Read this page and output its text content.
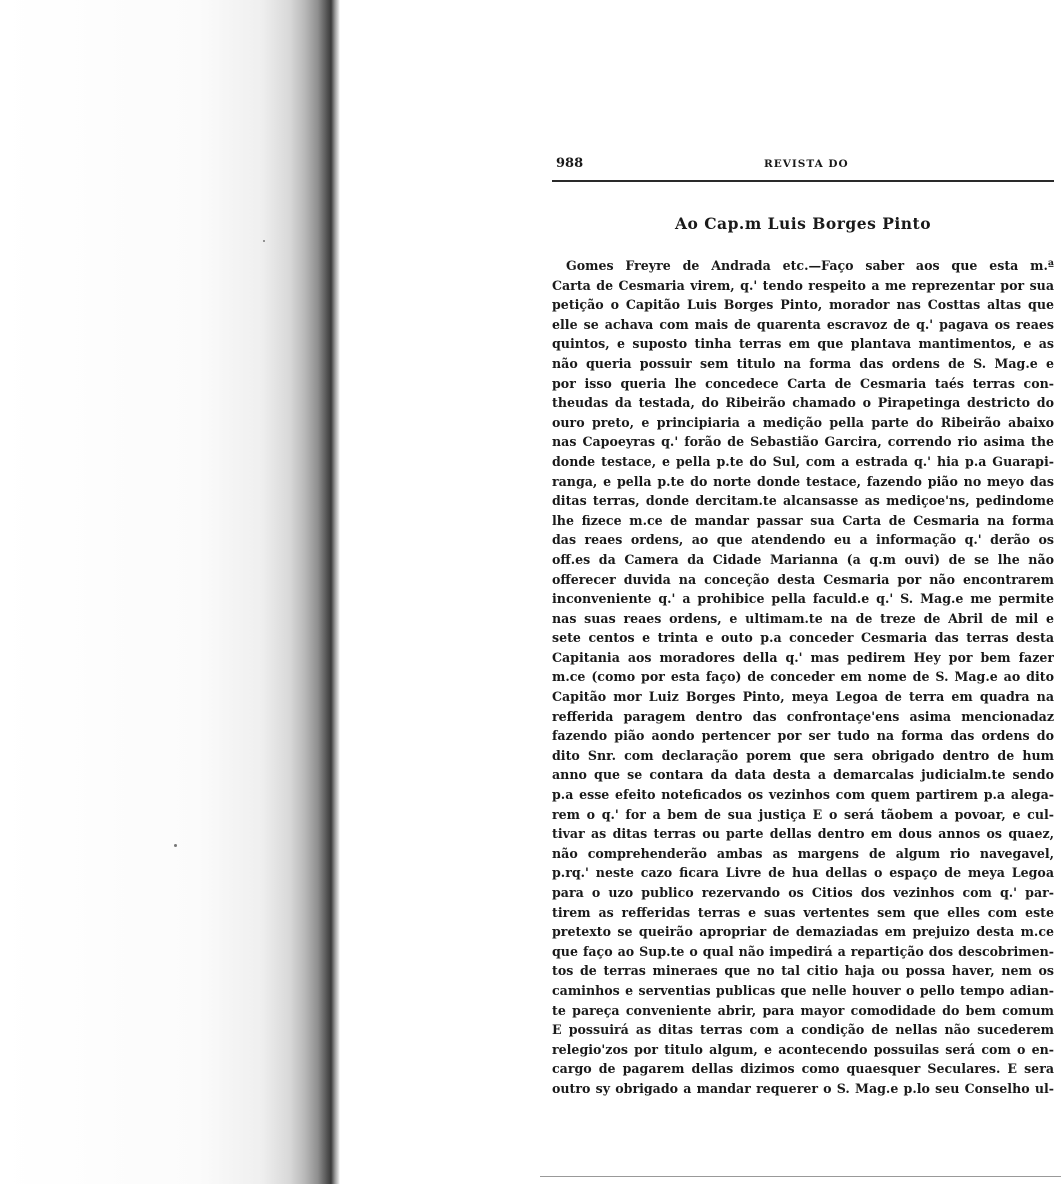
988	REVISTA DO
Ao Cap.m Luis Borges Pinto
Gomes Freyre de Andrada etc.—Faço saber aos que esta m.ª
Carta de Cesmaria virem, q.' tendo respeito a me reprezentar por sua
petição o Capitão Luis Borges Pinto, morador nas Costtas altas que
elle se achava com mais de quarenta escravoz de q.' pagava os reaes
quintos, e suposto tinha terras em que plantava mantimentos, e as
não queria possuir sem titulo na forma das ordens de S. Mag.e e
por isso queria lhe concedece Carta de Cesmaria taés terras con-
theudas da testada, do Ribeirão chamado o Pirapetinga destricto do
ouro preto, e principiaria a medição pella parte do Ribeirão abaixo
nas Capoeyras q.' forão de Sebastião Garcira, correndo rio asima the
donde testace, e pella p.te do Sul, com a estrada q.' hia p.a Guarapi-
ranga, e pella p.te do norte donde testace, fazendo pião no meyo das
ditas terras, donde dercitam.te alcansasse as mediçoe'ns, pedindome
lhe fizece m.ce de mandar passar sua Carta de Cesmaria na forma
das reaes ordens, ao que atendendo eu a informação q.' derão os
off.es da Camera da Cidade Marianna (a q.m ouvi) de se lhe não
offerecer duvida na conceção desta Cesmaria por não encontrarem
inconveniente q.' a prohibice pella faculd.e q.' S. Mag.e me permite
nas suas reaes ordens, e ultimam.te na de treze de Abril de mil e
sete centos e trinta e outo p.a conceder Cesmaria das terras desta
Capitania aos moradores della q.' mas pedirem Hey por bem fazer
m.ce (como por esta faço) de conceder em nome de S. Mag.e ao dito
Capitão mor Luiz Borges Pinto, meya Legoa de terra em quadra na
refferida paragem dentro das confrontaçe'ens asima mencionadaz
fazendo pião aondo pertencer por ser tudo na forma das ordens do
dito Snr. com declaração porem que sera obrigado dentro de hum
anno que se contara da data desta a demarcalas judicialm.te sendo
p.a esse efeito noteficados os vezinhos com quem partirem p.a alega-
rem o q.' for a bem de sua justiça E o será tãobem a povoar, e cul-
tivar as ditas terras ou parte dellas dentro em dous annos os quaez,
não comprehenderão ambas as margens de algum rio navegavel,
p.rq.' neste cazo ficara Livre de hua dellas o espaço de meya Legoa
para o uzo publico rezervando os Citios dos vezinhos com q.' par-
tirem as refferidas terras e suas vertentes sem que elles com este
pretexto se queirão apropriar de demaziadas em prejuizo desta m.ce
que faço ao Sup.te o qual não impedirá a repartição dos descobrimen-
tos de terras mineraes que no tal citio haja ou possa haver, nem os
caminhos e serventias publicas que nelle houver o pello tempo adian-
te pareça conveniente abrir, para mayor comodidade do bem comum
E possuirá as ditas terras com a condição de nellas não sucederem
relegio'zos por titulo algum, e acontecendo possuilas será com o en-
cargo de pagarem dellas dizimos como quaesquer Seculares. E sera
outro sy obrigado a mandar requerer o S. Mag.e p.lo seu Conselho ul-
